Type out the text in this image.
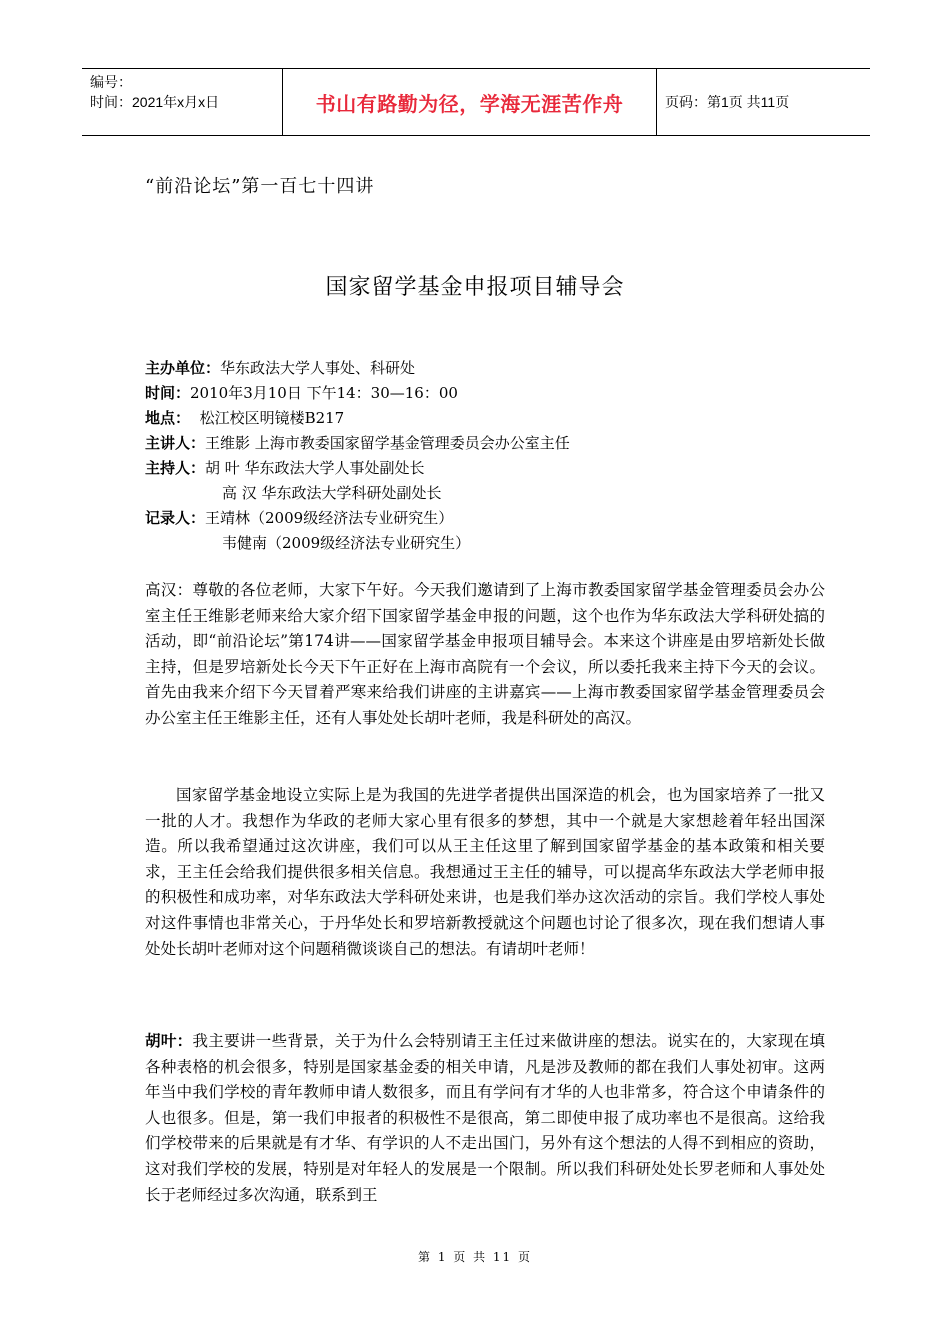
编号：
时间：2021年x月x日	书山有路勤为径，学海无涯苦作舟	页码：第1页 共11页
“前沿论坛”第一百七十四讲
国家留学基金申报项目辅导会
主办单位：华东政法大学人事处、科研处
时间：2010年3月10日 下午14：30—16：00
地点： 松江校区明镜楼B217
主讲人：王维影 上海市教委国家留学基金管理委员会办公室主任
主持人：胡 叶 华东政法大学人事处副处长
高 汉 华东政法大学科研处副处长
记录人：王靖林（2009级经济法专业研究生）
韦健南（2009级经济法专业研究生）
高汉：尊敬的各位老师，大家下午好。今天我们邀请到了上海市教委国家留学基金管理委员会办公室主任王维影老师来给大家介绍下国家留学基金申报的问题，这个也作为华东政法大学科研处搞的活动，即“前沿论坛”第174讲——国家留学基金申报项目辅导会。本来这个讲座是由罗培新处长做主持，但是罗培新处长今天下午正好在上海市高院有一个会议，所以委托我来主持下今天的会议。首先由我来介绍下今天冒着严寒来给我们讲座的主讲嘉宾——上海市教委国家留学基金管理委员会办公室主任王维影主任，还有人事处处长胡叶老师，我是科研处的高汉。
国家留学基金地设立实际上是为我国的先进学者提供出国深造的机会，也为国家培养了一批又一批的人才。我想作为华政的老师大家心里有很多的梦想，其中一个就是大家想趁着年轻出国深造。所以我希望通过这次讲座，我们可以从王主任这里了解到国家留学基金的基本政策和相关要求，王主任会给我们提供很多相关信息。我想通过王主任的辅导，可以提高华东政法大学老师申报的积极性和成功率，对华东政法大学科研处来讲，也是我们举办这次活动的宗旨。我们学校人事处对这件事情也非常关心，于丹华处长和罗培新教授就这个问题也讨论了很多次，现在我们想请人事处处长胡叶老师对这个问题稍微谈谈自己的想法。有请胡叶老师！
胡叶：我主要讲一些背景，关于为什么会特别请王主任过来做讲座的想法。说实在的，大家现在填各种表格的机会很多，特别是国家基金委的相关申请，凡是涉及教师的都在我们人事处初审。这两年当中我们学校的青年教师申请人数很多，而且有学问有才华的人也非常多，符合这个申请条件的人也很多。但是，第一我们申报者的积极性不是很高，第二即使申报了成功率也不是很高。这给我们学校带来的后果就是有才华、有学识的人不走出国门，另外有这个想法的人得不到相应的资助，这对我们学校的发展，特别是对年轻人的发展是一个限制。所以我们科研处处长罗老师和人事处处长于老师经过多次沟通，联系到王
第 1 页 共 11 页
